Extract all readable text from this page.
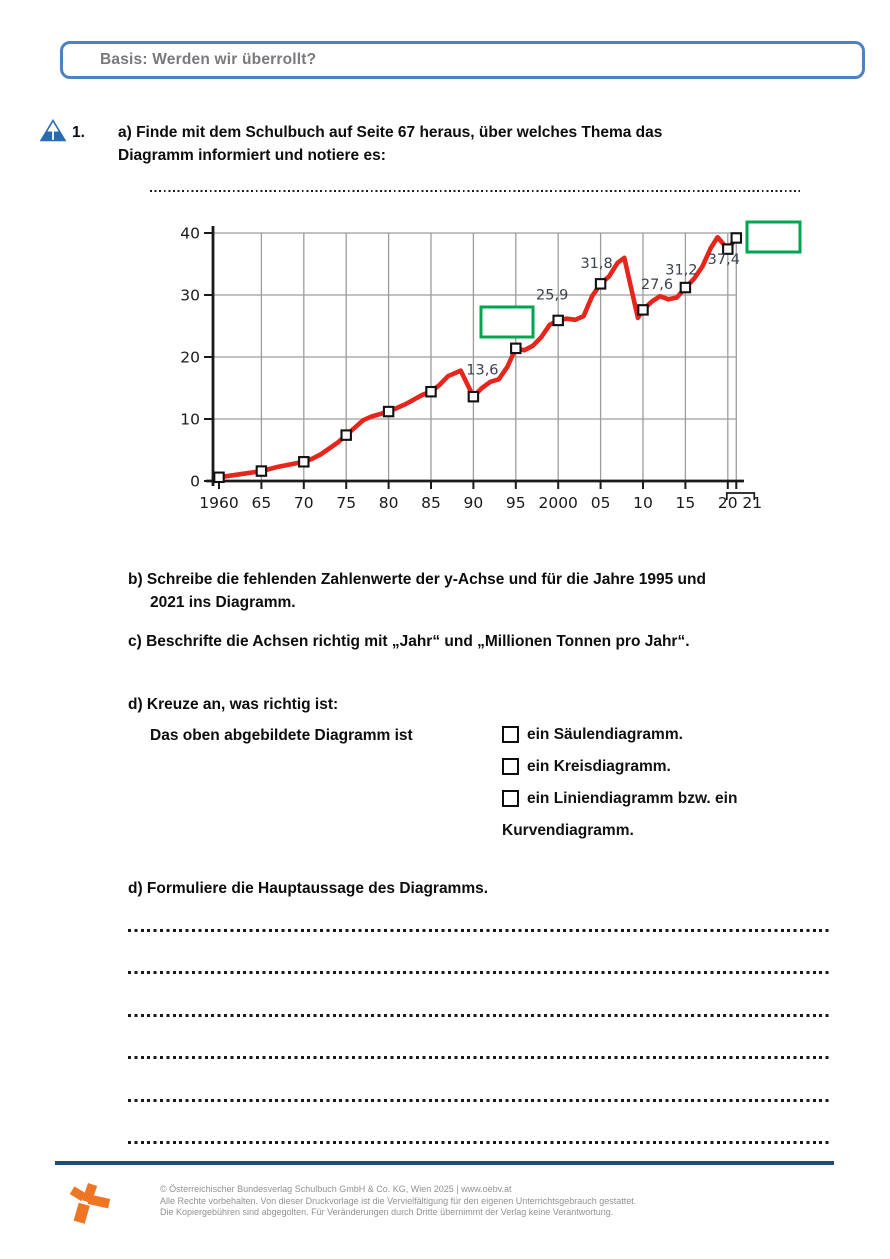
Basis: Werden wir überrollt?
1. a) Finde mit dem Schulbuch auf Seite 67 heraus, über welches Thema das
Diagramm informiert und notiere es:
13,6
25,9
31,8
27,6
31,2
37,4
1960 65 70 75 80 85 90 95 2000 05 10 15 20 21
0
10
20
30
40
b) Schreibe die fehlenden Zahlenwerte der y-Achse und für die Jahre 1995 und
2021 ins Diagramm.
c) Beschrifte die Achsen richtig mit „Jahr“ und „Millionen Tonnen pro Jahr“.
d) Kreuze an, was richtig ist:
Das oben abgebildete Diagramm ist	ein Säulendiagramm.
ein Kreisdiagramm.
ein Liniendiagramm bzw. ein
Kurvendiagramm.
d) Formuliere die Hauptaussage des Diagramms.
© Österreichischer Bundesverlag Schulbuch GmbH & Co. KG, Wien 2025 | www.oebv.at
Alle Rechte vorbehalten. Von dieser Druckvorlage ist die Vervielfältigung für den eigenen Unterrichtsgebrauch gestattet.
Die Kopiergebühren sind abgegolten. Für Veränderungen durch Dritte übernimmt der Verlag keine Verantwortung.
